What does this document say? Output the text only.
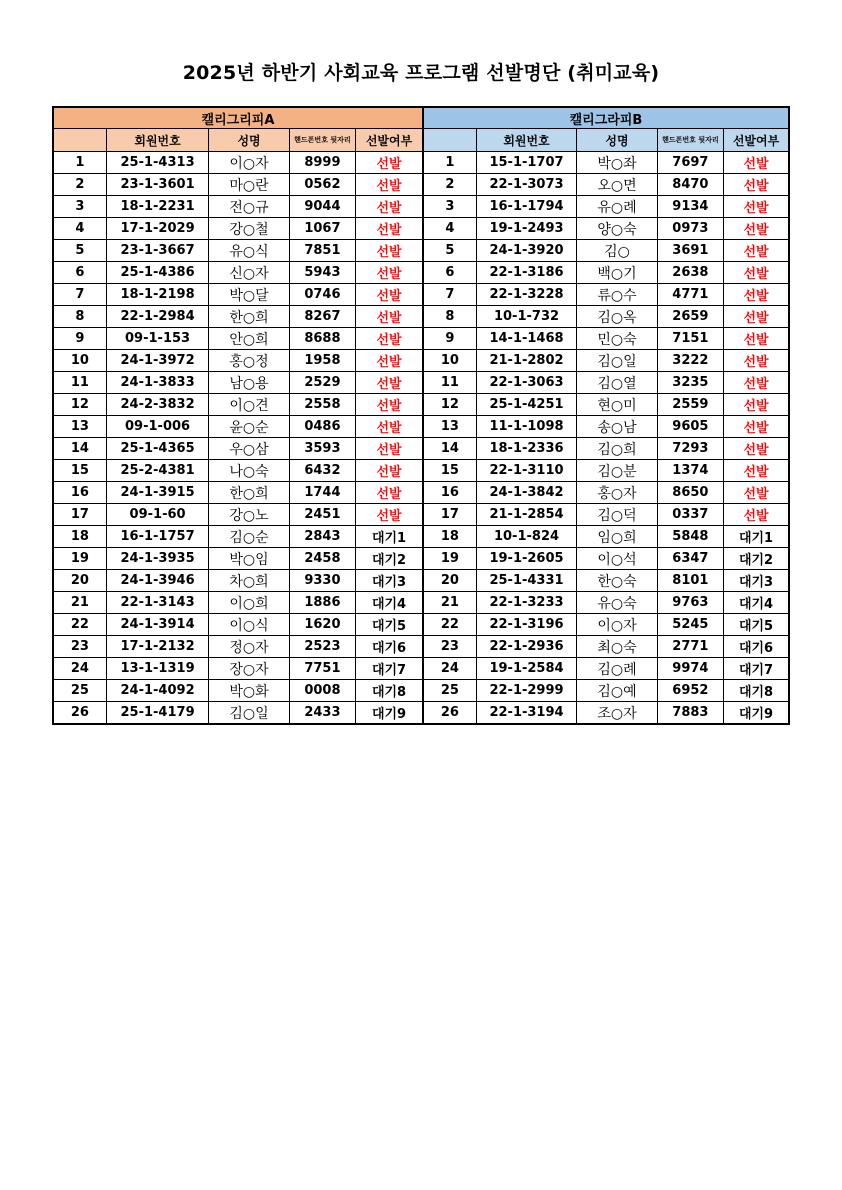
2025년 하반기 사회교육 프로그램 선발명단 (취미교육)
캘리그리피A					캘리그라피B				
	회원번호	성명	핸드폰번호 뒷자리	선발여부		회원번호	성명	핸드폰번호 뒷자리	선발여부
1	25-1-4313	이○자	8999	선발	1	15-1-1707	박○좌	7697	선발
2	23-1-3601	마○란	0562	선발	2	22-1-3073	오○면	8470	선발
3	18-1-2231	전○규	9044	선발	3	16-1-1794	유○례	9134	선발
4	17-1-2029	강○철	1067	선발	4	19-1-2493	양○숙	0973	선발
5	23-1-3667	유○식	7851	선발	5	24-1-3920	김○	3691	선발
6	25-1-4386	신○자	5943	선발	6	22-1-3186	백○기	2638	선발
7	18-1-2198	박○달	0746	선발	7	22-1-3228	류○수	4771	선발
8	22-1-2984	한○희	8267	선발	8	10-1-732	김○옥	2659	선발
9	09-1-153	안○희	8688	선발	9	14-1-1468	민○숙	7151	선발
10	24-1-3972	홍○정	1958	선발	10	21-1-2802	김○일	3222	선발
11	24-1-3833	남○용	2529	선발	11	22-1-3063	김○열	3235	선발
12	24-2-3832	이○견	2558	선발	12	25-1-4251	현○미	2559	선발
13	09-1-006	윤○순	0486	선발	13	11-1-1098	송○남	9605	선발
14	25-1-4365	우○삼	3593	선발	14	18-1-2336	김○희	7293	선발
15	25-2-4381	나○숙	6432	선발	15	22-1-3110	김○분	1374	선발
16	24-1-3915	한○희	1744	선발	16	24-1-3842	홍○자	8650	선발
17	09-1-60	강○노	2451	선발	17	21-1-2854	김○덕	0337	선발
18	16-1-1757	김○순	2843	대기1	18	10-1-824	임○희	5848	대기1
19	24-1-3935	박○임	2458	대기2	19	19-1-2605	이○석	6347	대기2
20	24-1-3946	차○희	9330	대기3	20	25-1-4331	한○숙	8101	대기3
21	22-1-3143	이○희	1886	대기4	21	22-1-3233	유○숙	9763	대기4
22	24-1-3914	이○식	1620	대기5	22	22-1-3196	이○자	5245	대기5
23	17-1-2132	정○자	2523	대기6	23	22-1-2936	최○숙	2771	대기6
24	13-1-1319	장○자	7751	대기7	24	19-1-2584	김○례	9974	대기7
25	24-1-4092	박○화	0008	대기8	25	22-1-2999	김○예	6952	대기8
26	25-1-4179	김○일	2433	대기9	26	22-1-3194	조○자	7883	대기9
